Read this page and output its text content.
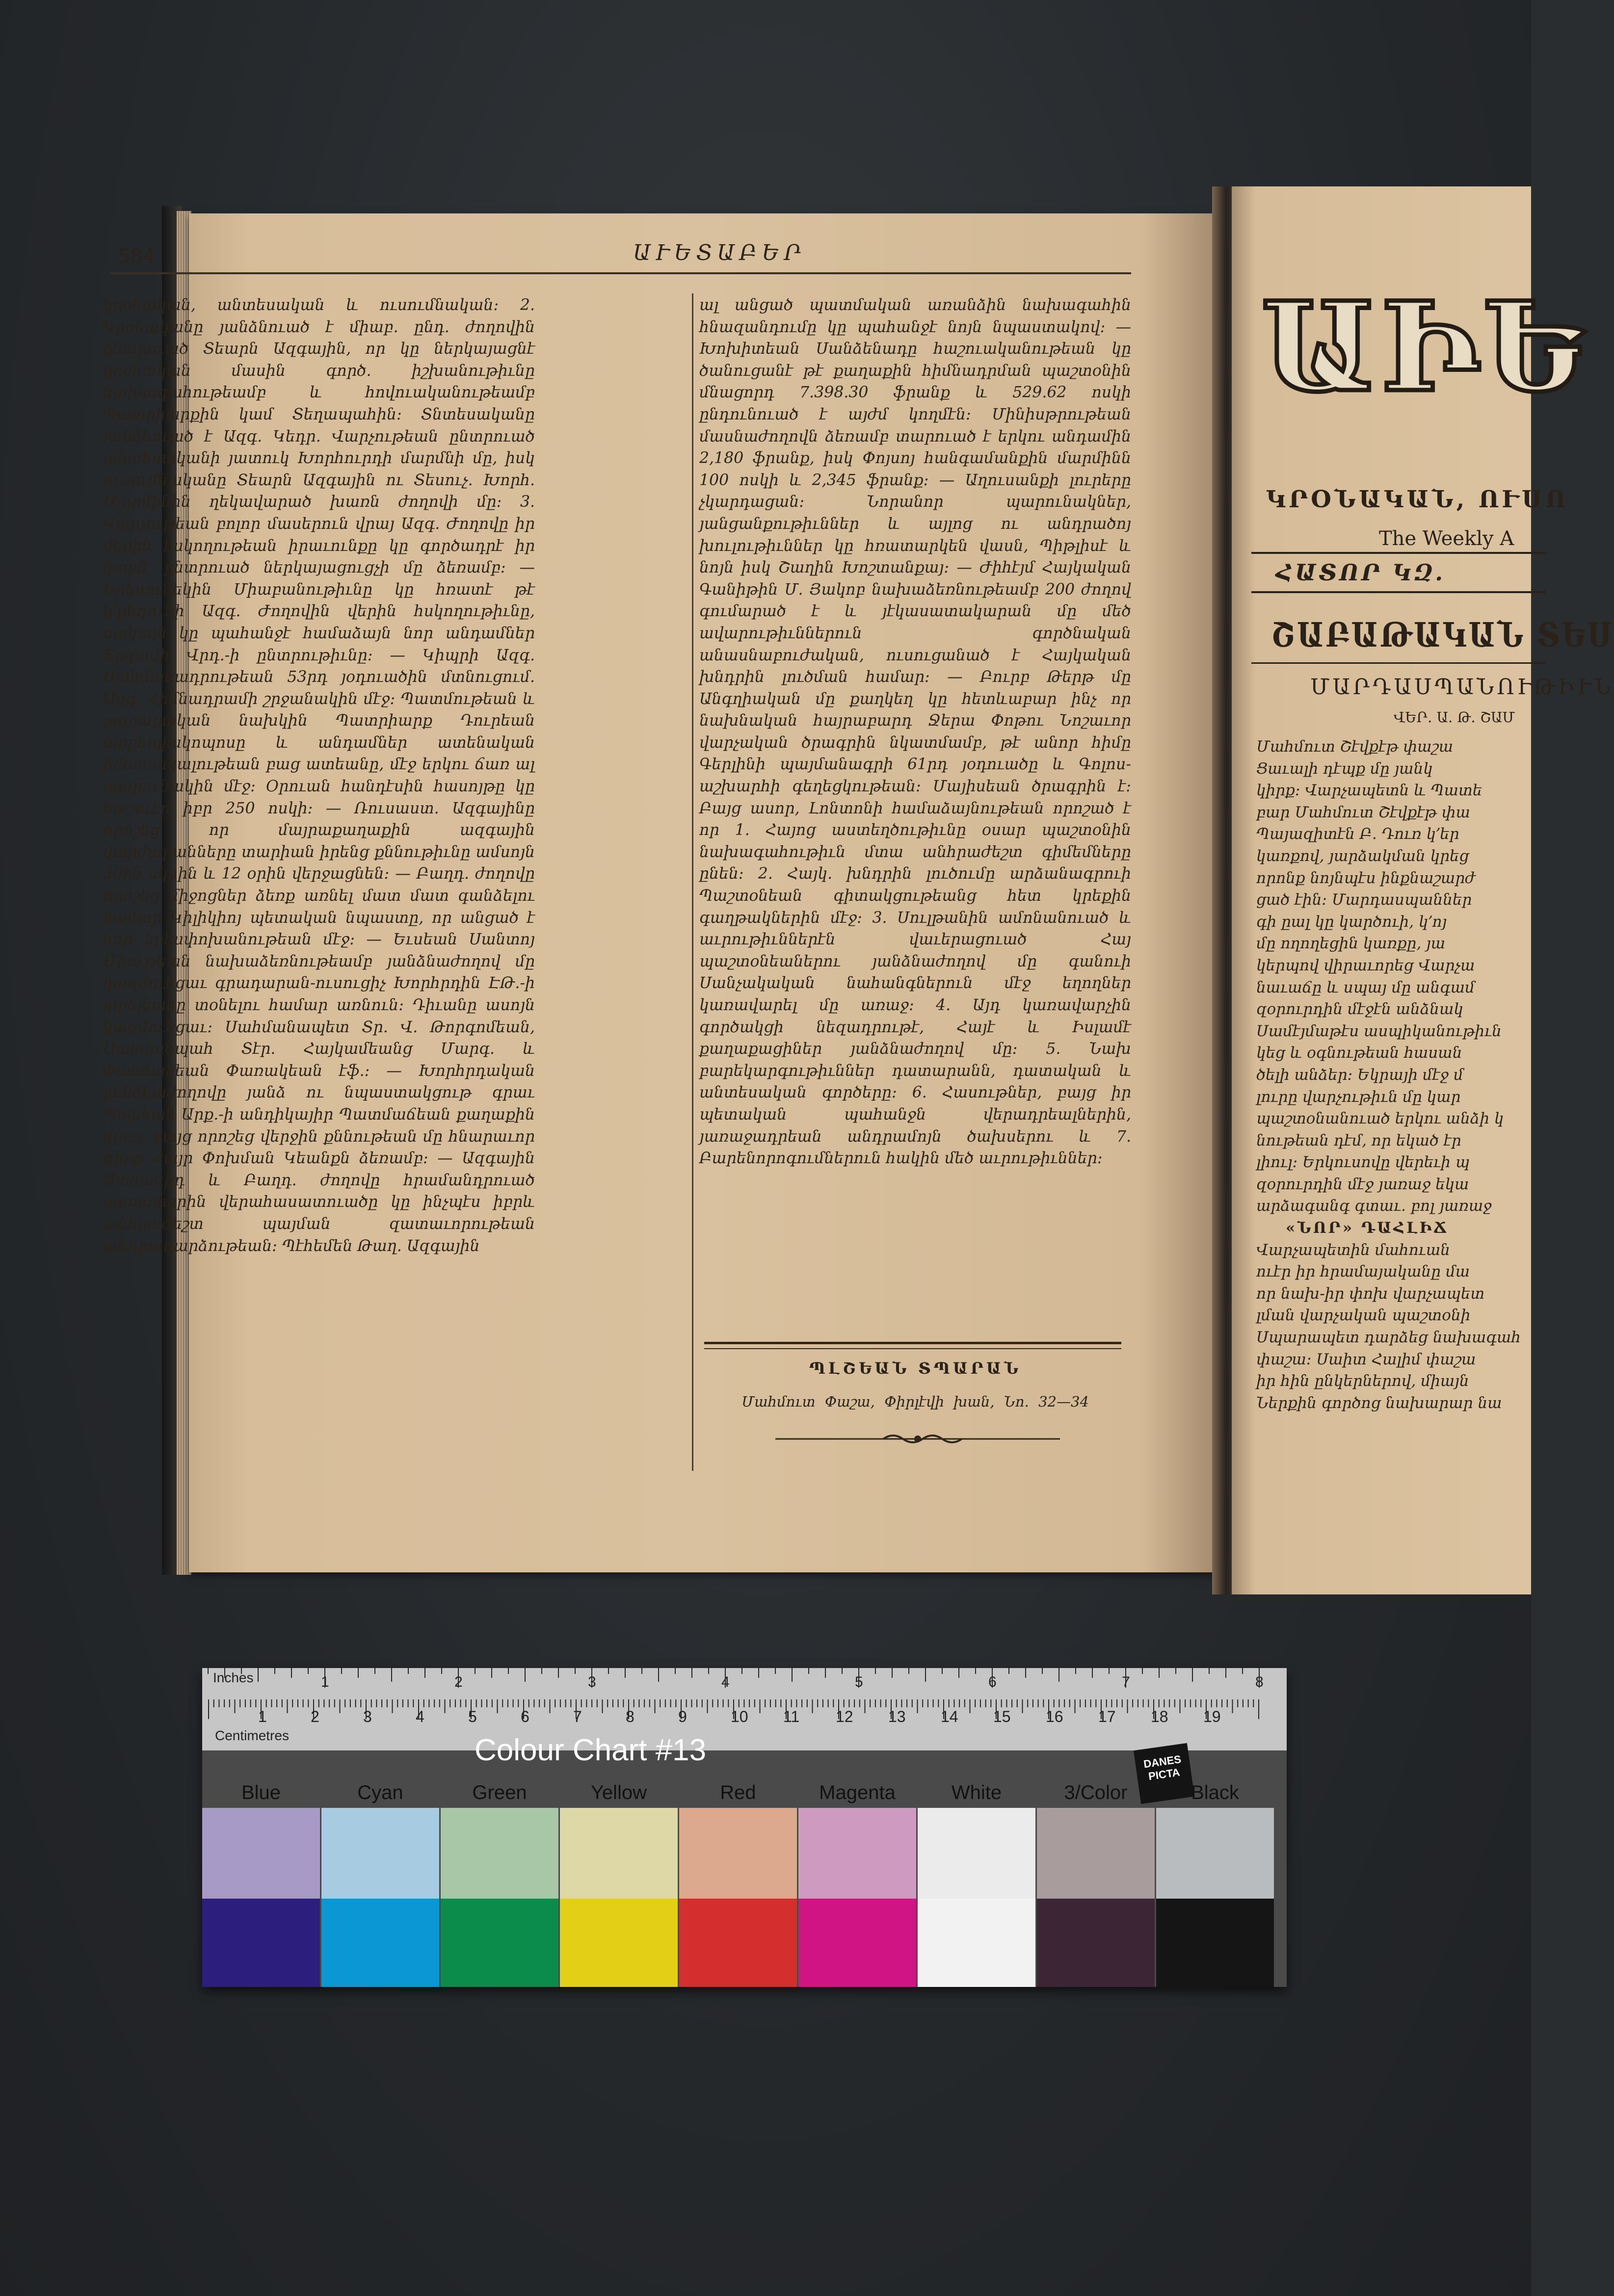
584	ԱՒԵՏԱԲԵՐ
կրօնական, անտեսական և ուսումնական։ 2. Կրօնականը յանձնուած է միաբ. ընդ. ժողովին ընտրուած Տեարն Ազգային, որ կը ներկայացնէ կրօնական մասին գործ. իշխանութիւնը նախագահութեամբ և հովուականութեամբ Պատրիարքին կամ Տեղապահին։ Տնտեսականը յանձնուած է Ազգ. Կեդր. Վարչութեան ընտրուած անտեսականի յատուկ Խորհուրդի մարմնի մը, իսկ ուսումնականը Տեարն Ազգային ու Տեսուչ. Խորհ. Մարմինին ղեկավարած խառն ժողովի մը։ 3. Վարչութեան բոլոր մասերուն վրայ Ազգ. Ժողովը իր վերին հսկողութեան իրաւունքը կը գործադրէ իր կողմէ ընտրուած ներկայացուցչի մը ձեռամբ։ — Երեսունեկին Միաբանութիւնը կը հռատէ թէ կ՚ընդունի Ազգ. Ժողովին վերին հսկողութիւնը, սակայն կը պահանջէ համաձայն նոր անդամներ Տրգամի Վրդ.-ի ընտրութիւնը։ — Կիպրի Ազգ. Սահմանադրութեան 53րդ յօդուածին մտնուցում. Ազգ. Հիմնադրամի շրջանակին մէջ։ Պատմութեան և քաղաքական նախկին Պատրիարք Դուրեան արքեպիսկոպոսը և անդամներ ատենական խնամակալութեան բաց ատեանը, մէջ երկու ճառ ալ պարունակին մէջ։ Օրուան հանդէսին հասոյթը կը հաշուէր իբր 250 ոսկի։ — Ռուսաստ. Ազգայինը որոշեց որ մայրաքաղաքին ազգային վարժարանները տարիան իրենց քննութիւնը ամսոյն 30ին սկսին և 12 օրին վերջացնեն։ — Բաղդ. ժողովը որոշեց միջոցներ ձեռք առնել մատ մատ գանձելու համար Կիլիկիոյ պետական նպաստը, որ անցած է նոր երեսփոխանութեան մէջ։ — Եւսեան Սանտոյ Միութեան նախաձեռնութեամբ յանձնաժողով մը կազմուեցաւ գրադարան-ուսուցիչ Խորհրդին ԷԹ.-ի յոբելեանը տօնելու համար առնուն։ Դիւանը ասոյն կազմուեցաւ։ Սահմանապետ Տր. Վ. Թորգոմեան, Սահմանպահ Տէր. Հայկամեանց Մարգ. և Փանճակեան Փառակեան էֆ.։ — Խորհրդական յանձնաժողովը յանձ ու նպաստակցութ գրաւ Պոլսեան Արք.-ի անդիկայիր Պատմաճեան քաղաքին վրայ, բայց որոշեց վերջին քննութեան մը հնարաւոր գիրք Հայր Փոխման Կեանքն ձեռամբ։ — Ազգային Ատեանիդ և Բաղդ. ժողովը հրամանդրուած կառավարին վերահասատուածը կը ինչպէս իբրև անհրաժեշտ պայման զատաւորութեան անդրադարձութեան։ Պէհեմեն Թաղ. Ազգային
ալ անցած պատմական առանձին նախագահին հնազանդումը կը պահանջէ նոյն նպաստակով։ — Խոխիտեան Սանձենադը հաշուականութեան կը ծանուցանէ թէ քաղաքին հիմնադրման պաշտօնին մնացորդ 7.398.30 ֆրանք և 529.62 ոսկի ընդունուած է այժմ կողմէն։ Մինիսթրութեան մասնաժողովն ձեռամբ տարուած է երկու անդամին 2,180 ֆրանք, իսկ Փոյսոյ հանգամանքին մարմինն 100 ոսկի և 2,345 ֆրանք։ — Աղուսանքի լուրերը չկարդացան։ Նորանոր պարունակներ, յանցանքութիւններ և այլոց ու անդրածոյ խուլութիւններ կը հռատարկեն վասն, Պիթլիսէ և նոյն իսկ Շաղին Խոշտանքայ։ — Ժիհէյմ Հայկական Գանիթին Մ. Յակոբ նախաձեռնութեամբ 200 ժողով գումարած է և յէկասատակարան մը մեծ ավարութիւններուն գործնական անասնաբուժական, ուսուցանած է Հայկական խնդրին լուծման համար։ — Բուրբ Թերթ մը Անգղիական մը քաղկեղ կը հետևաբար ինչ որ նախնական հայրաբարդ Ջերա Փոթու Նոշաւոր վարչական ծրագրին նկատմամբ, թէ անոր հիմը Գերլինի պայմանագրի 61րդ յօդուածը և Գոլոս-աշխարհի գեղեցկութեան։ Մայիսեան ծրագրին է։ Բայց ասոր, Լոնտոնի համաձայնութեան որոշած է որ 1. Հայոց աստեղծութիւնը օսար պաշտօնին նախագահութիւն մտա անհրաժեշտ գիմեմները ընեն։ 2. Հայկ. խնդրին լուծումը արձանագրուի Պաշտօնեան գիտակցութեանց հետ կրեքին գաղթակներին մէջ։ 3. Սուլթանին ամոնանուած և աւրութիւններէն վաւերացուած Հայ պաշտօնեաներու յանձնաժողով մը գանուի Սանչակական նահանգներուն մէջ եղողներ կառավարել մը առաջ։ 4. Այդ կառավարչին գործակցի նեզադրութէ, Հայէ և Իսլամէ քաղաքացիներ յանձնաժողով մը։ 5. Նախ բարեկարգութիւններ դատարանն, դատական և անտեսական գործերը։ 6. Հասութներ, բայց իր պետական պահանջն վերադրեալներին, յառաջադրեան անդրամոյն ծախսերու և 7. Բարենորոգումներուն հակին մեծ աւրութիւններ։
ՊԼՇԵԱՆ ՏՊԱՐԱՆ
Մահմուտ Փաշա, Փիրլէվի խան, Նո. 32—34
ԱԻԵ
ԿՐՕՆԱԿԱՆ, ՈՒՍՈ
The Weekly A
ՀԱՏՈՐ ԿԶ.
ՇԱԲԱԹԱԿԱՆ ՏԵՍ
ՄԱՐԴԱՍՊԱՆՈՒԹԻՒՆ
ՎԵՐ. Ա. Թ. ՇԱՄ
Մահմուտ Շէվքէթ փաշա
Ցաւալի դէպք մը յանկ
կիրք։ Վարչապետն և Պատե
բար Մահմուտ Շէվքէթ փա
Պայազիտէն Բ. Դուռ կ՚եր
կառքով, յարձակման կրեց
որոնք նոյնպէս ինքնաշարժ
ցած էին։ Մարդասպաններ
գի ըալ կը կարծուի, կ՚ոյ
մը ողողեցին կառքը, յա
կերպով վիրաւորեց Վարչա
նաւաճը և սպայ մը անգամ
զօրուրդին մէջէն անձնակ
Սամէյմաթէս ասպիկանութիւն
կեց և օգնութեան հասան
ծելի անձեր։ Եկրայի մէջ մ
լուրը վարչութիւն մը կար
պաշտօնանուած երկու անձի կ
նութեան դէմ, որ եկած էր
լիուլ։ Երկուսովը վերեւի պ
զօրուրդին մէջ յառաջ եկա
արձագանգ գտաւ. բոլ յառաջ
«ՆՈՐ» ԴԱՀԼԻՃ
Վարչապետին մահուան
ուէր իր հրամայականը մա
որ նախ-իր փոխ վարչապետ
լման վարչական պաշտօնի
Սպարապետ դարձեց նախագահ
փաշա։ Սաիտ Հալիմ փաշա
իր հին ընկերներով, միայն
Ներքին գործոց նախարար նա
1	2	3	4	5	6	7	8
1	2	3	4	5	6	7	8	9	10 11 12 13 14 15 16 17 18 19
Inches
Centimetres	Colour Chart #13	DANES PICTA
Blue	Cyan	Green	Yellow	Red	Magenta	White	3/Color	Black
